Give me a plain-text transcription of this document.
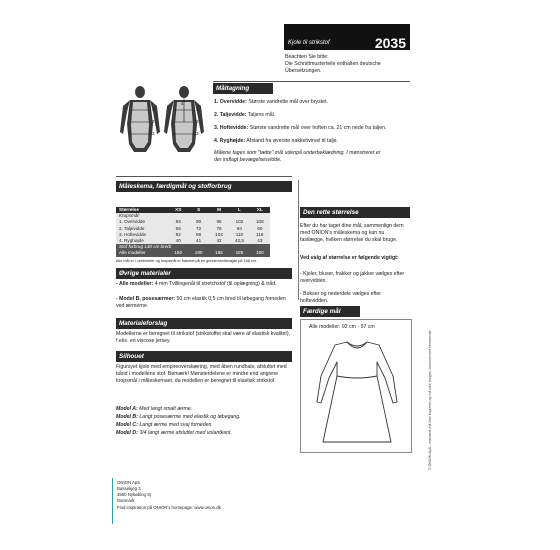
Kjole til strikstof	2035
Beachten Sie bitte:
Die Schnittmusterteile enthalten deutsche
Übersetzungen.
Måltagning
4
1
2
3
1
2
3
1. Overvidde: Største vandrette mål over brystet.
2. Taljevidde: Taljens mål.
3. Hoftevidde: Største vandrette mål over hoften ca. 21 cm nede fra taljen.
4. Ryghøjde: Afstand fra øverste nakkehvirvel til talje.
Målene tages som "tætte" mål udenpå underbeklædning. I mønstreret er
der indlagt bevægelsesvidde.
Måleskema, færdigmål og stofforbrug
Størrelse	XS	S	M	L	XL
Kropsmål:
1. Overvidde	84	90	96	102	108
2. Taljevidde	66	72	78	84	90
3. Hoftevidde	92	98	104	110	116
4. Ryghøjde	40	41	42	42,5	43
Stof forbrug 140 cm bredt
Alle modeller	180	180	185	185	190
Alle mål er i centimeter og kropsmål er baseret på en gennemsnitshøjde på 168 cm.
Øvrige materialer
- Alle modeller: 4 mm Tvillingenål til stretchstof (til oplægning) & tråd.
- Model B, posesærmer: 50 cm elastik 0,5 cm bred til løbegang forneden ved ærmerne.
Materialeforslag
Modellerne er beregnet til strikstof (strikstoffet skal være af elastisk kvalitet), f.eks. en viscose jersey.
Silhouet
Figursyet kjole med empireoverskæring, med åben rundhals, afsluttet med bånd i modellens stof. Bemærk! Mønsterdelene er mindre end angivne kropsmål i måleskemaet, da modellen er beregnet til elastisk strikstof.
Model A: Med langt smalt ærme.
Model B: Langt posesærme med elastik og løbegang.
Model C: Langt ærme med svaj forneden.
Model D: 3/4 langt ærme afsluttet med volantkant.
Den rette størrelse
Efter du har taget dine mål, sammenlign dem med ONION's måleskema og kan nu fastlægge, hvilken størrelse du skal bruge.
Ved valg af størrelse er følgende vigtigt:
- Kjoler, bluser, frakker og jakker vælges efter overvidden.
- Bukser og nederdele vælges efter hoftevidden.
Færdige mål
Alle modeller: 92 cm - 97 cm
© ONION ApS - mønstret må ikke kopieres og må ikke bruges i kommercielt henseende.
ONION ApS
Bøssekjeg 3
4500 Nykøbing Sj
Danmark
Find inspiration på ONION's homepage: www.onion.dk
